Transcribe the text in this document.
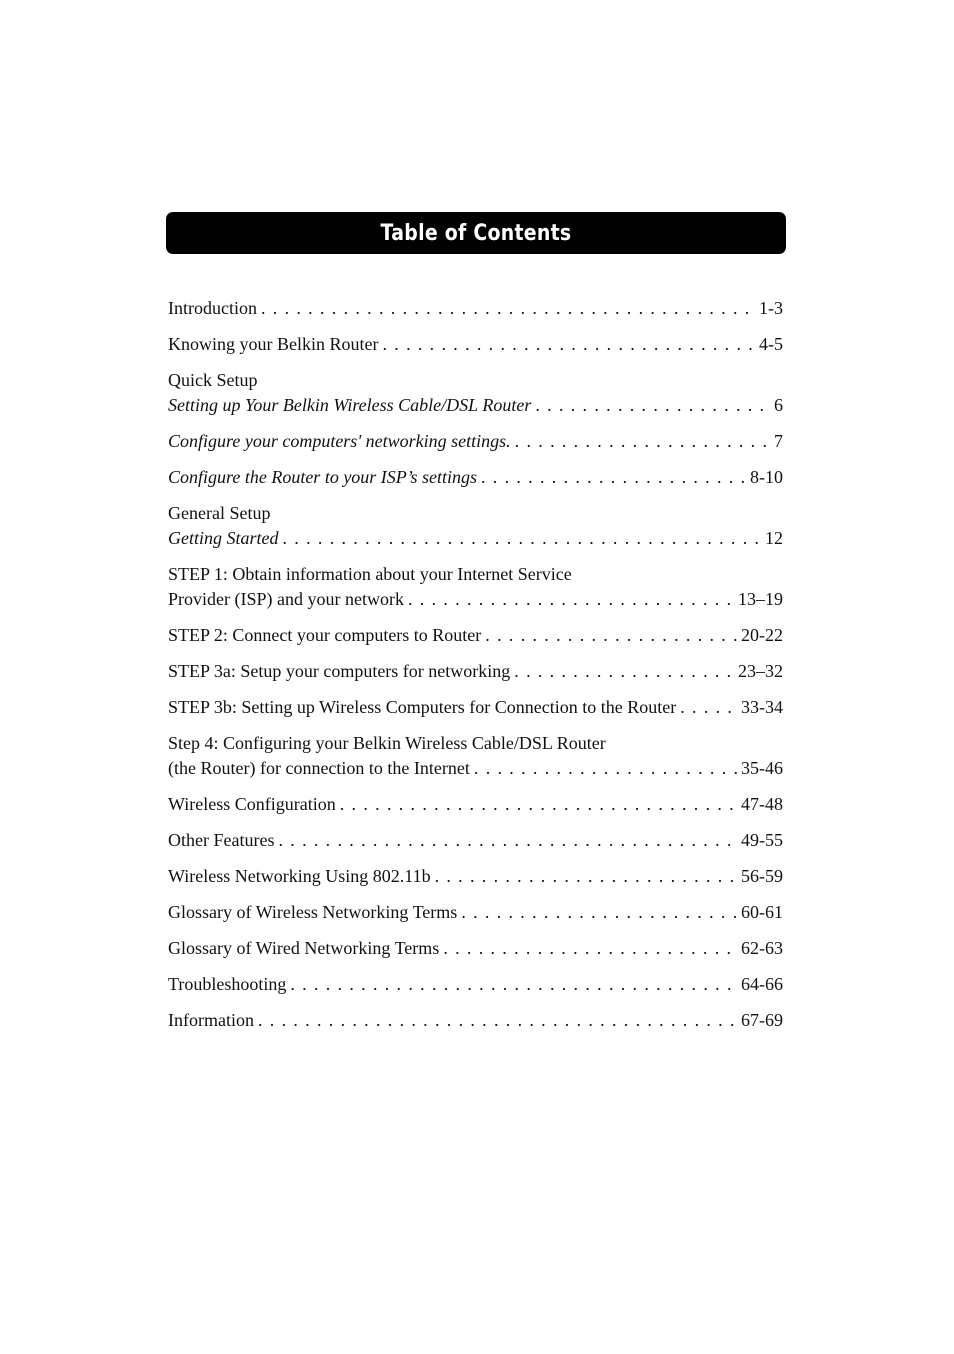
Table of Contents
Introduction . . .	1-3
Knowing your Belkin Router . . .	4-5
Quick Setup
Setting up Your Belkin Wireless Cable/DSL Router . . .	6
Configure your computers' networking settings. . . .	7
Configure the Router to your ISP’s settings . . .	8-10
General Setup
Getting Started . . .	12
STEP 1: Obtain information about your Internet Service
Provider (ISP) and your network . . .	13–19
STEP 2: Connect your computers to Router . . .	20-22
STEP 3a: Setup your computers for networking . . .	23–32
STEP 3b: Setting up Wireless Computers for Connection to the Router . . .	33-34
Step 4: Configuring your Belkin Wireless Cable/DSL Router
(the Router) for connection to the Internet . . .	35-46
Wireless Configuration . . .	47-48
Other Features . . .	49-55
Wireless Networking Using 802.11b . . .	56-59
Glossary of Wireless Networking Terms . . .	60-61
Glossary of Wired Networking Terms . . .	62-63
Troubleshooting . . .	64-66
Information . . .	67-69
